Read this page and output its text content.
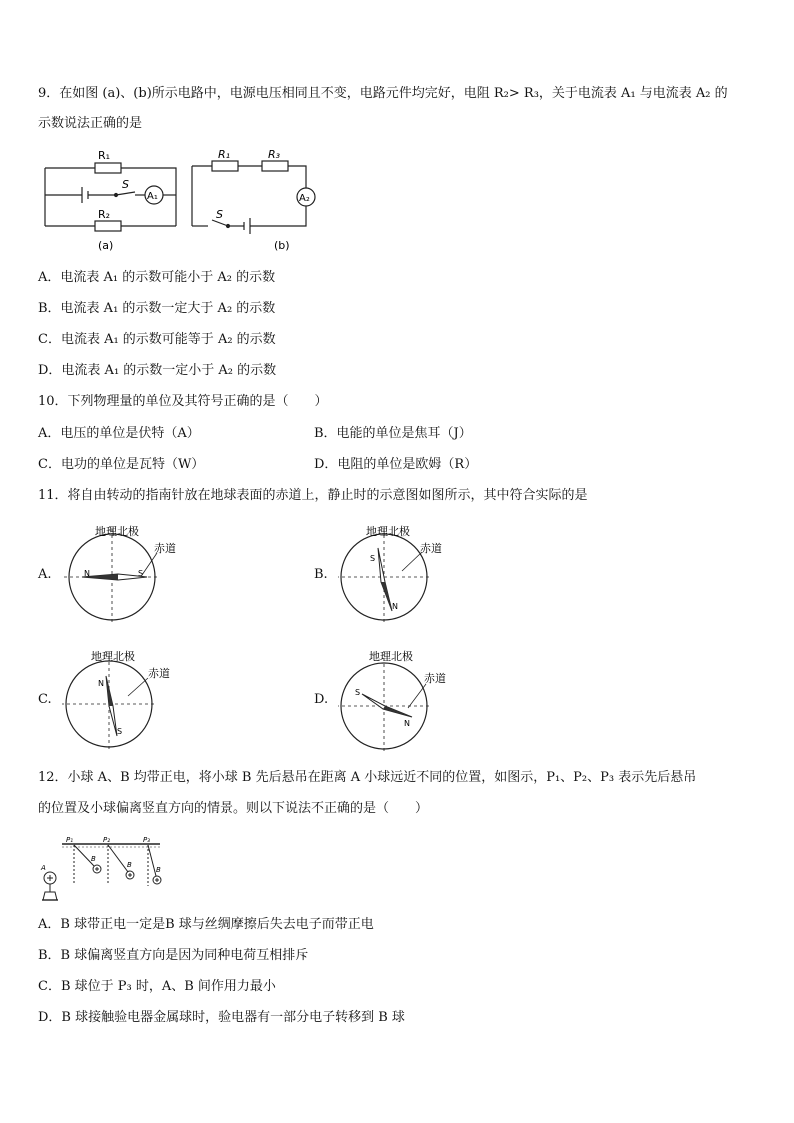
9．在如图 (a)、(b)所示电路中，电源电压相同且不变，电路元件均完好，电阻 R₂> R₃，关于电流表 A₁ 与电流表 A₂ 的
示数说法正确的是
R₁
R₂
S
A₁
(a)
R₁	R₃
S
A₂
(b)
A．电流表 A₁ 的示数可能小于 A₂ 的示数
B．电流表 A₁ 的示数一定大于 A₂ 的示数
C．电流表 A₁ 的示数可能等于 A₂ 的示数
D．电流表 A₁ 的示数一定小于 A₂ 的示数
10．下列物理量的单位及其符号正确的是（　　）
A．电压的单位是伏特（A）	B．电能的单位是焦耳（J）
C．电功的单位是瓦特（W）	D．电阻的单位是欧姆（R）
11．将自由转动的指南针放在地球表面的赤道上，静止时的示意图如图所示，其中符合实际的是
A.
地理北极
赤道
N	S	B.
地理北极
赤道
S
N
C.
地理北极
赤道
N
S
D.
地理北极
赤道
S
N
12．小球 A、B 均带正电，将小球 B 先后悬吊在距离 A 小球远近不同的位置，如图示，P₁、P₂、P₃ 表示先后悬吊
的位置及小球偏离竖直方向的情景。则以下说法不正确的是（　　）
P₁	P₂	P₃
A
B
B
B
A．B 球带正电一定是B 球与丝绸摩擦后失去电子而带正电
B．B 球偏离竖直方向是因为同种电荷互相排斥
C．B 球位于 P₃ 时，A、B 间作用力最小
D．B 球接触验电器金属球时，验电器有一部分电子转移到 B 球
